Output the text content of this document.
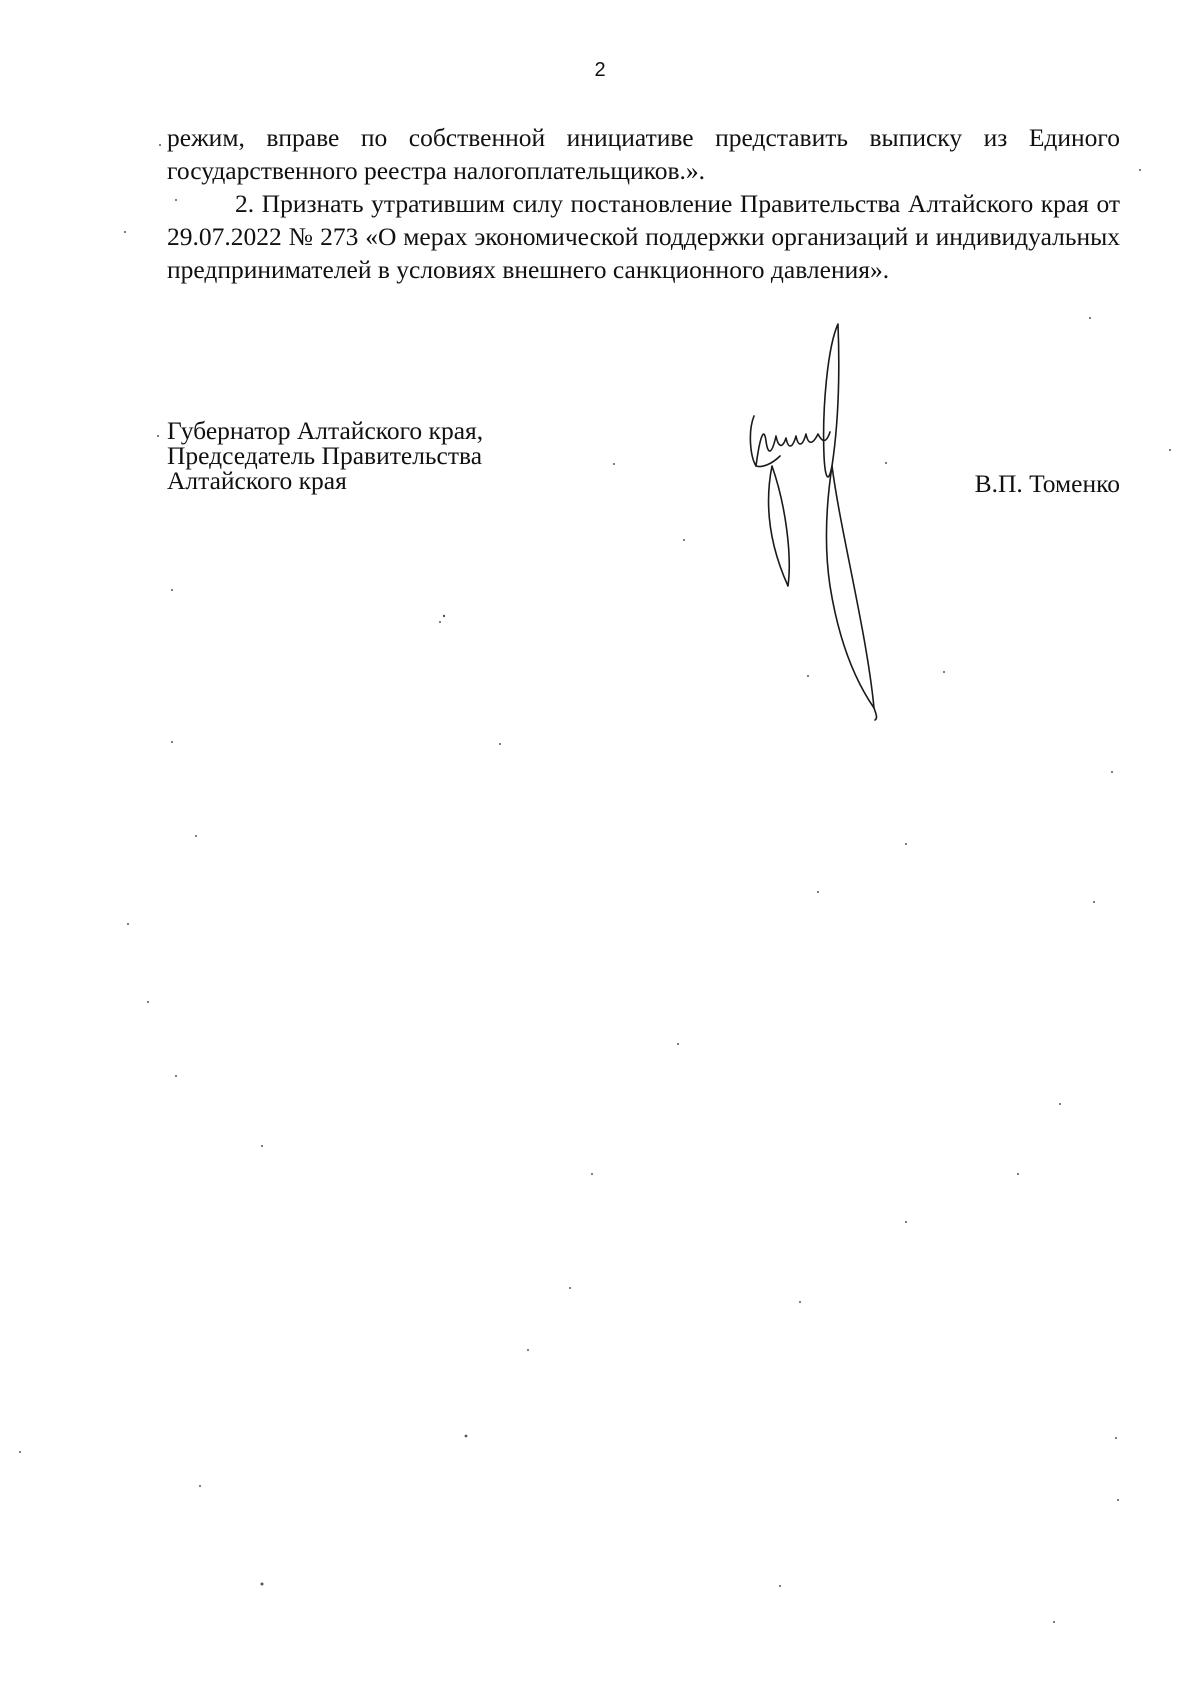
2

режим, вправе по собственной инициативе представить выписку из Единого государственного реестра налогоплательщиков.».

2. Признать утратившим силу постановление Правительства Алтайского края от 29.07.2022 № 273 «О мерах экономической поддержки организаций и индивидуальных предпринимателей в условиях внешнего санкционного давления».

Губернатор Алтайского края,
Председатель Правительства
Алтайского края	В.П. Томенко
